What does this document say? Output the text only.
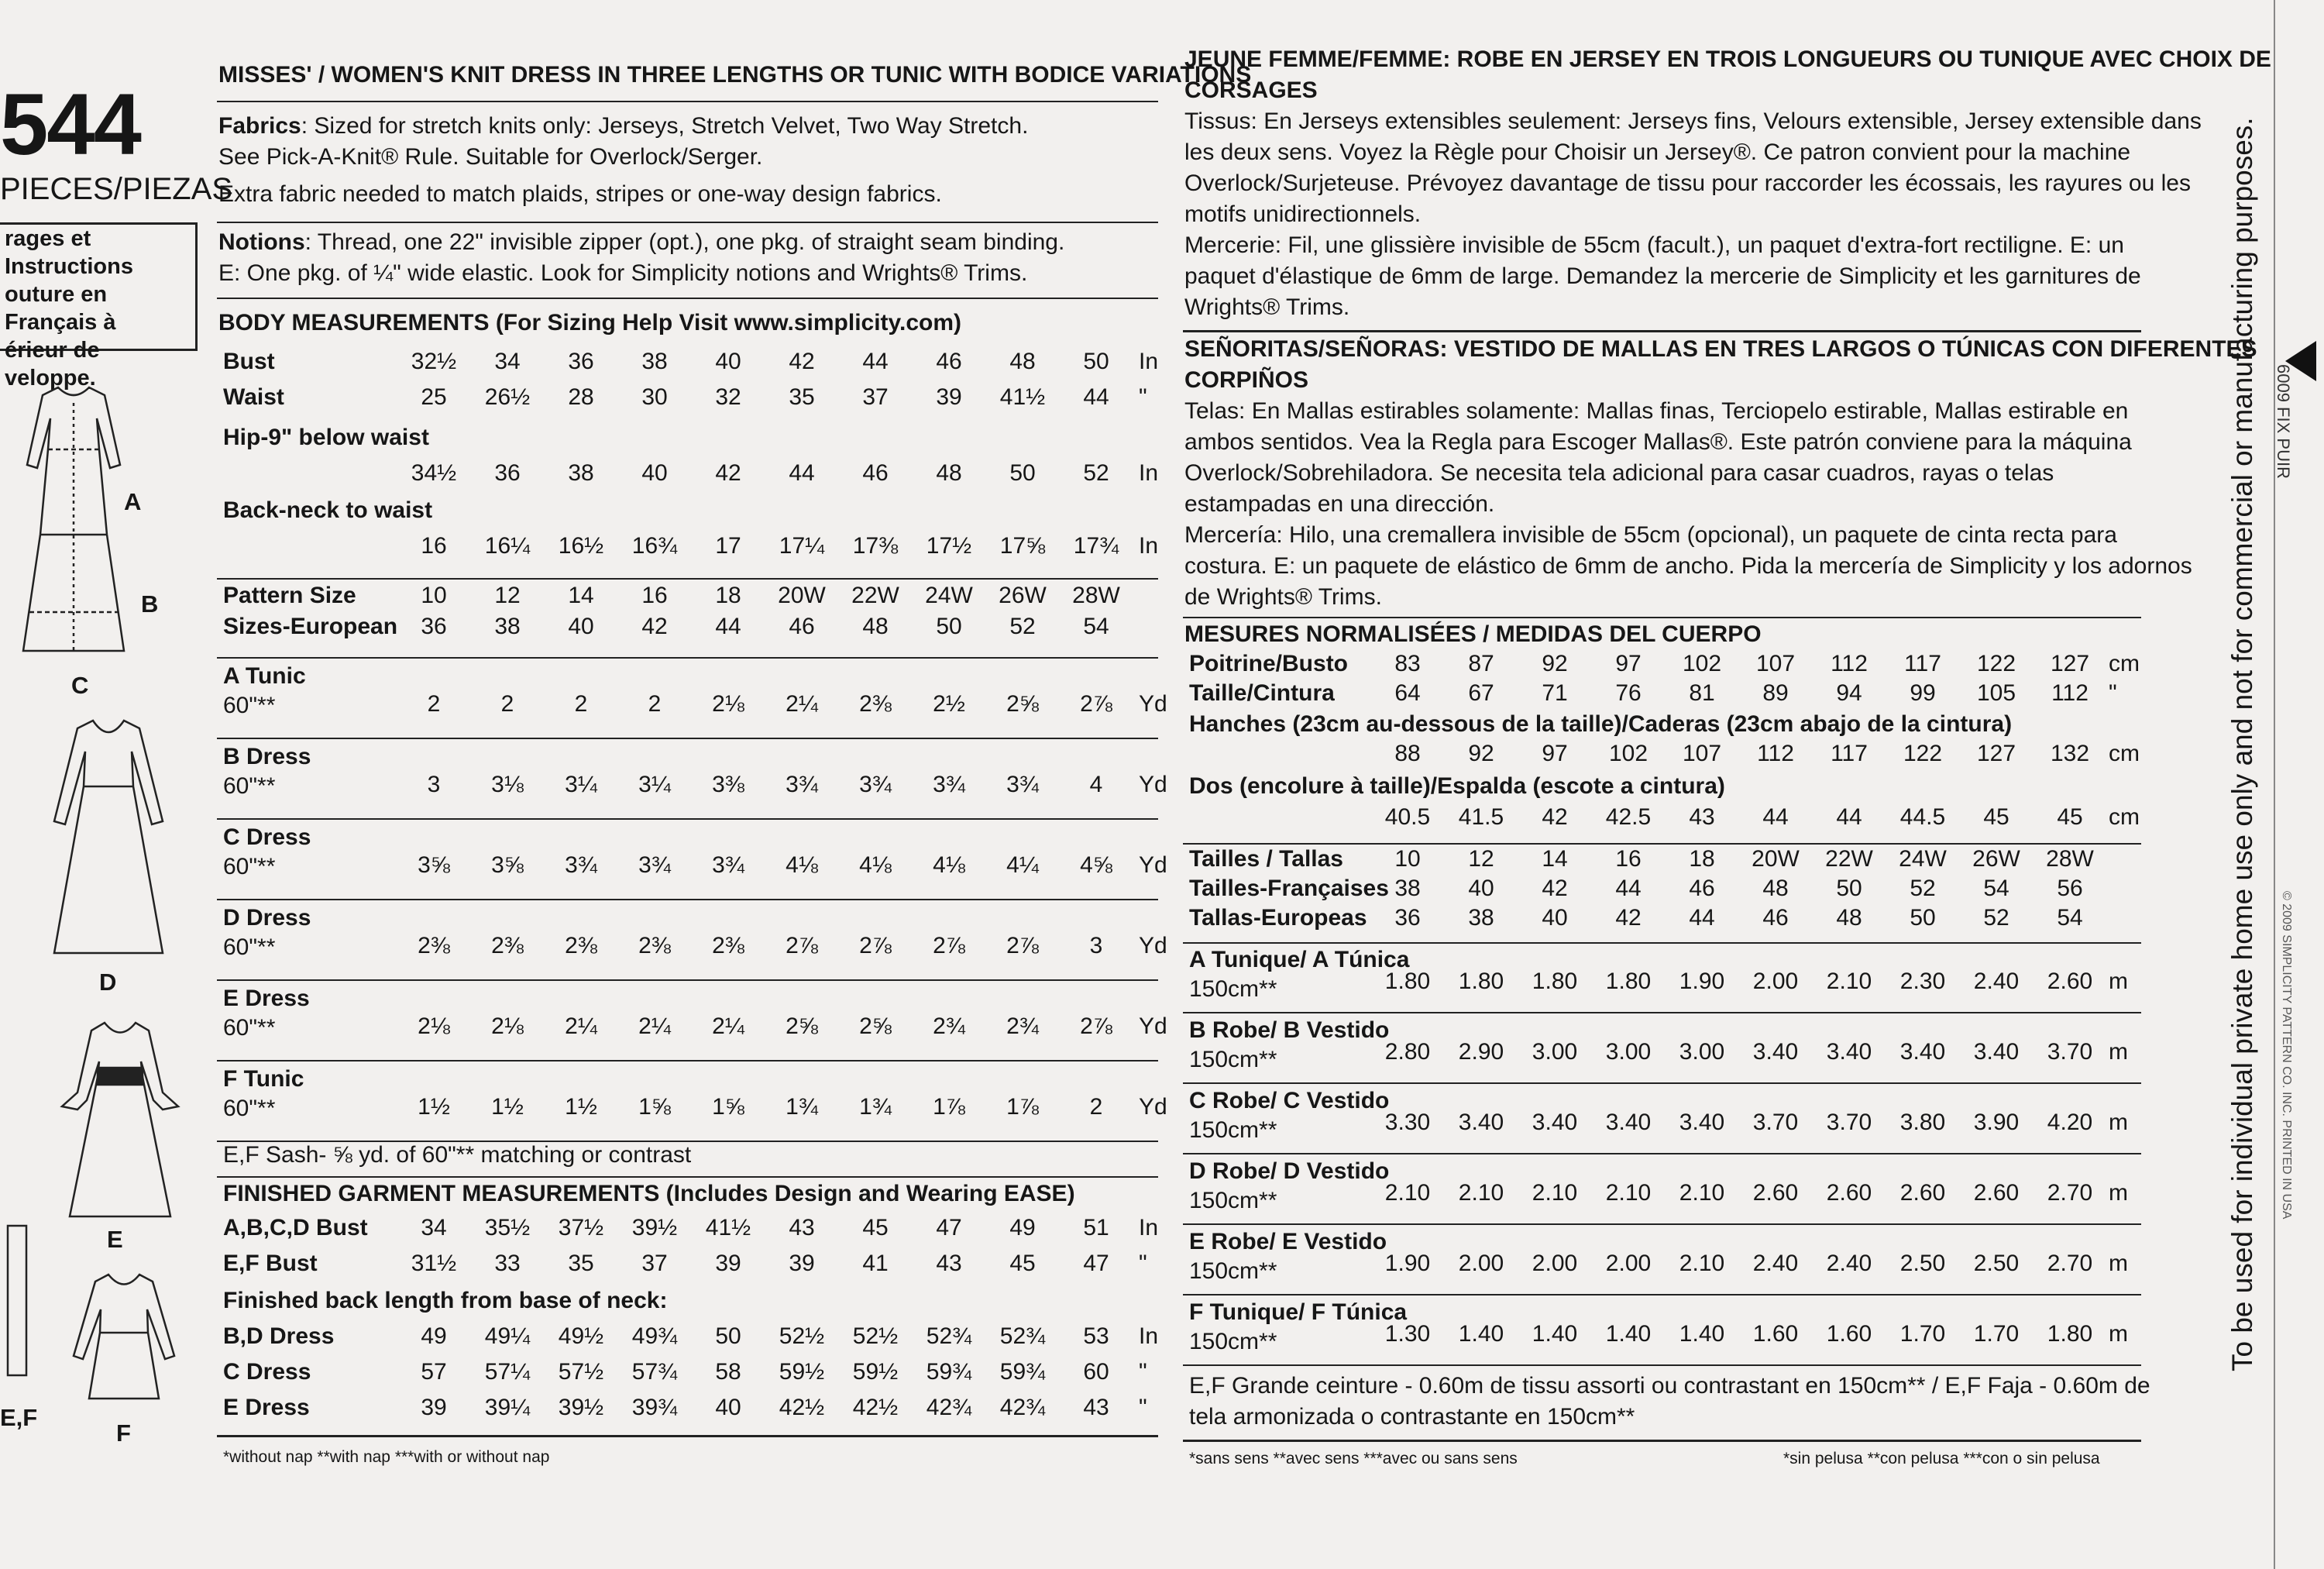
544
PIECES/PIEZAS
rages et Instructions
outure en Français à
érieur de
veloppe.
A
B
C
D
E
E,F
F
MISSES' / WOMEN'S KNIT DRESS IN THREE LENGTHS OR TUNIC WITH BODICE VARIATIONS
Fabrics: Sized for stretch knits only: Jerseys, Stretch Velvet, Two Way Stretch.
See Pick-A-Knit® Rule. Suitable for Overlock/Serger.
Extra fabric needed to match plaids, stripes or one-way design fabrics.
Notions: Thread, one 22" invisible zipper (opt.), one pkg. of straight seam binding.
E: One pkg. of ¼" wide elastic. Look for Simplicity notions and Wrights® Trims.
BODY MEASUREMENTS (For Sizing Help Visit www.simplicity.com)
Bust	32½	34	36	38	40	42	44	46	48	50	In
Waist	25	26½	28	30	32	35	37	39	41½	44	"
Hip-9" below waist
34½	36	38	40	42	44	46	48	50	52	In
Back-neck to waist
16	16¼	16½	16¾	17	17¼	17⅜	17½	17⅝	17¾ In
Pattern Size	10	12	14	16	18	20W	22W	24W	26W	28W
Sizes-European	36	38	40	42	44	46	48	50	52	54
A Tunic
60"**	2	2	2	2	2⅛	2¼	2⅜	2½	2⅝	2⅞	Yd
B Dress
60"**	3	3⅛	3¼	3¼	3⅜	3¾	3¾	3¾	3¾	4	Yd
C Dress
60"**	3⅝	3⅝	3¾	3¾	3¾	4⅛	4⅛	4⅛	4¼	4⅝	Yd
D Dress
60"**	2⅜	2⅜	2⅜	2⅜	2⅜	2⅞	2⅞	2⅞	2⅞	3	Yd
E Dress
60"**	2⅛	2⅛	2¼	2¼	2¼	2⅝	2⅝	2¾	2¾	2⅞	Yd
F Tunic
60"**	1½	1½	1½	1⅝	1⅝	1¾	1¾	1⅞	1⅞	2	Yd
E,F Sash- ⅝ yd. of 60"** matching or contrast
FINISHED GARMENT MEASUREMENTS (Includes Design and Wearing EASE)
A,B,C,D Bust	34	35½	37½	39½	41½	43	45	47	49	51	In
E,F Bust	31½	33	35	37	39	39	41	43	45	47	"
Finished back length from base of neck:
B,D Dress	49	49¼	49½	49¾	50	52½	52½	52¾	52¾	53	In
C Dress	57	57¼	57½	57¾	58	59½	59½	59¾	59¾	60	"
E Dress	39	39¼	39½	39¾	40	42½	42½	42¾	42¾	43	"
*without nap **with nap ***with or without nap
JEUNE FEMME/FEMME: ROBE EN JERSEY EN TROIS LONGUEURS OU TUNIQUE AVEC CHOIX DE
CORSAGES
Tissus: En Jerseys extensibles seulement: Jerseys fins, Velours extensible, Jersey extensible dans
les deux sens. Voyez la Règle pour Choisir un Jersey®. Ce patron convient pour la machine
Overlock/Surjeteuse. Prévoyez davantage de tissu pour raccorder les écossais, les rayures ou les
motifs unidirectionnels.
Mercerie: Fil, une glissière invisible de 55cm (facult.), un paquet d'extra-fort rectiligne. E: un
paquet d'élastique de 6mm de large. Demandez la mercerie de Simplicity et les garnitures de
Wrights® Trims.
SEÑORITAS/SEÑORAS: VESTIDO DE MALLAS EN TRES LARGOS O TÚNICAS CON DIFERENTES
CORPIÑOS
Telas: En Mallas estirables solamente: Mallas finas, Terciopelo estirable, Mallas estirable en
ambos sentidos. Vea la Regla para Escoger Mallas®. Este patrón conviene para la máquina
Overlock/Sobrehiladora. Se necesita tela adicional para casar cuadros, rayas o telas
estampadas en una dirección.
Mercería: Hilo, una cremallera invisible de 55cm (opcional), un paquete de cinta recta para
costura. E: un paquete de elástico de 6mm de ancho. Pida la mercería de Simplicity y los adornos
de Wrights® Trims.
MESURES NORMALISÉES / MEDIDAS DEL CUERPO
Poitrine/Busto	83	87	92	97	102	107	112	117	122	127 cm
Taille/Cintura	64	67	71	76	81	89	94	99	105	112 "
Hanches (23cm au-dessous de la taille)/Caderas (23cm abajo de la cintura)
88	92	97	102	107	112	117	122	127	132 cm
Dos (encolure à taille)/Espalda (escote a cintura)
40.5	41.5	42	42.5	43	44	44	44.5	45	45	cm
Tailles / Tallas	10	12	14	16	18	20W	22W	24W	26W	28W
Tailles-Françaises 38	40	42	44	46	48	50	52	54	56
Tallas-Europeas	36	38	40	42	44	46	48	50	52	54
A Tunique/ A Túnica
150cm**	1.80	1.80	1.80	1.80	1.90	2.00	2.10	2.30	2.40	2.60 m
B Robe/ B Vestido
150cm**	2.80	2.90	3.00	3.00	3.00	3.40	3.40	3.40	3.40	3.70 m
C Robe/ C Vestido
150cm**	3.30	3.40	3.40	3.40	3.40	3.70	3.70	3.80	3.90	4.20 m
D Robe/ D Vestido
150cm**	2.10	2.10	2.10	2.10	2.10	2.60	2.60	2.60	2.60	2.70 m
E Robe/ E Vestido
150cm**	1.90	2.00	2.00	2.00	2.10	2.40	2.40	2.50	2.50	2.70 m
F Tunique/ F Túnica
150cm**	1.30	1.40	1.40	1.40	1.40	1.60	1.60	1.70	1.70	1.80 m
E,F Grande ceinture - 0.60m de tissu assorti ou contrastant en 150cm** / E,F Faja - 0.60m de
tela armonizada o contrastante en 150cm**
*sans sens **avec sens ***avec ou sans sens	*sin pelusa **con pelusa ***con o sin pelusa
6009 FIX PUIR
© 2009 SIMPLICITY PATTERN CO. INC. PRINTED IN USA
To be used for individual private home use only and not for commercial or manufacturing purposes.
